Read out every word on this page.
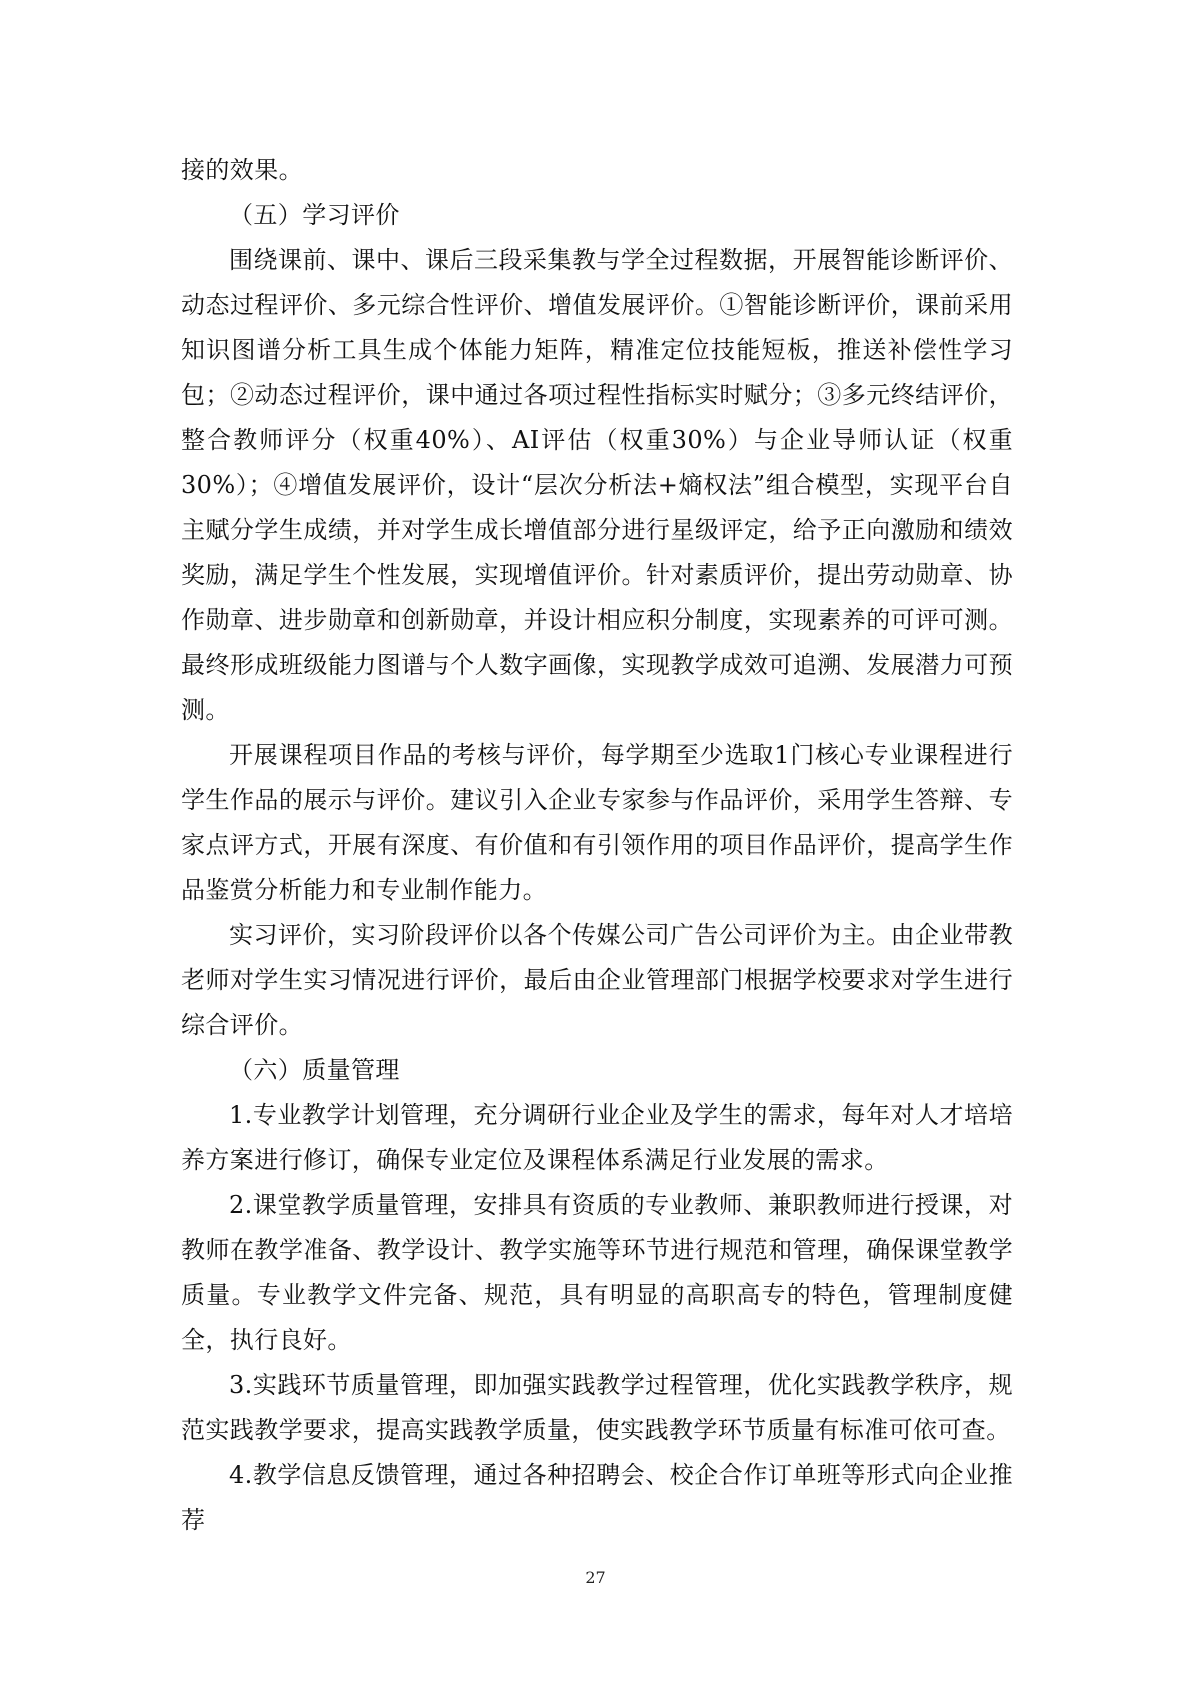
接的效果。

（五）学习评价

围绕课前、课中、课后三段采集教与学全过程数据，开展智能诊断评价、动态过程评价、多元综合性评价、增值发展评价。①智能诊断评价，课前采用知识图谱分析工具生成个体能力矩阵，精准定位技能短板，推送补偿性学习包；②动态过程评价，课中通过各项过程性指标实时赋分；③多元终结评价，整合教师评分（权重40%）、AI评估（权重30%）与企业导师认证（权重30%）；④增值发展评价，设计“层次分析法+熵权法”组合模型，实现平台自主赋分学生成绩，并对学生成长增值部分进行星级评定，给予正向激励和绩效奖励，满足学生个性发展，实现增值评价。针对素质评价，提出劳动勋章、协作勋章、进步勋章和创新勋章，并设计相应积分制度，实现素养的可评可测。最终形成班级能力图谱与个人数字画像，实现教学成效可追溯、发展潜力可预测。

开展课程项目作品的考核与评价，每学期至少选取1门核心专业课程进行学生作品的展示与评价。建议引入企业专家参与作品评价，采用学生答辩、专家点评方式，开展有深度、有价值和有引领作用的项目作品评价，提高学生作品鉴赏分析能力和专业制作能力。

实习评价，实习阶段评价以各个传媒公司广告公司评价为主。由企业带教老师对学生实习情况进行评价，最后由企业管理部门根据学校要求对学生进行综合评价。

（六）质量管理

1.专业教学计划管理，充分调研行业企业及学生的需求，每年对人才培培养方案进行修订，确保专业定位及课程体系满足行业发展的需求。

2.课堂教学质量管理，安排具有资质的专业教师、兼职教师进行授课，对教师在教学准备、教学设计、教学实施等环节进行规范和管理，确保课堂教学质量。专业教学文件完备、规范，具有明显的高职高专的特色，管理制度健全，执行良好。

3.实践环节质量管理，即加强实践教学过程管理，优化实践教学秩序，规范实践教学要求，提高实践教学质量，使实践教学环节质量有标准可依可查。

4.教学信息反馈管理，通过各种招聘会、校企合作订单班等形式向企业推荐

27
